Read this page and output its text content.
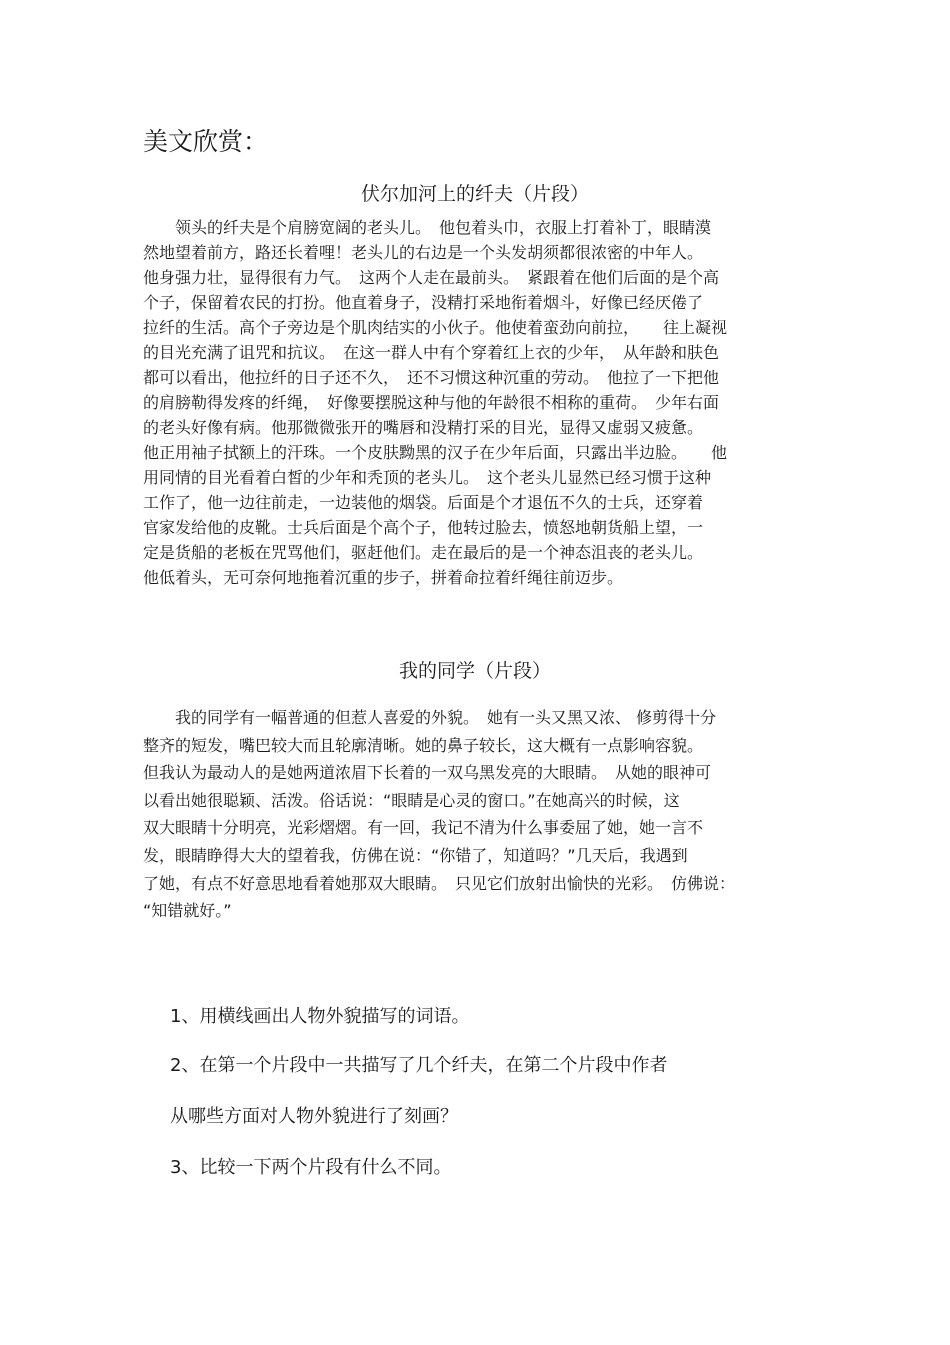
美文欣赏：
伏尔加河上的纤夫（片段）

　　领头的纤夫是个肩膀宽阔的老头儿。　他包着头巾，衣服上打着补丁，眼睛漠

然地望着前方，路还长着哩！老头儿的右边是一个头发胡须都很浓密的中年人。

他身强力壮，显得很有力气。　这两个人走在最前头。　紧跟着在他们后面的是个高

个子，保留着农民的打扮。他直着身子，没精打采地衔着烟斗，好像已经厌倦了

拉纤的生活。高个子旁边是个肌肉结实的小伙子。他使着蛮劲向前拉，　　往上凝视

的目光充满了诅咒和抗议。　在这一群人中有个穿着红上衣的少年，　从年龄和肤色

都可以看出，他拉纤的日子还不久，　还不习惯这种沉重的劳动。　他拉了一下把他

的肩膀勒得发疼的纤绳，　好像要摆脱这种与他的年龄很不相称的重荷。　少年右面

的老头好像有病。他那微微张开的嘴唇和没精打采的目光，显得又虚弱又疲惫。

他正用袖子拭额上的汗珠。一个皮肤黝黑的汉子在少年后面，只露出半边脸。　　他

用同情的目光看着白皙的少年和秃顶的老头儿。　这个老头儿显然已经习惯于这种

工作了，他一边往前走，一边装他的烟袋。后面是个才退伍不久的士兵，还穿着

官家发给他的皮靴。士兵后面是个高个子，他转过脸去，愤怒地朝货船上望，一

定是货船的老板在咒骂他们，驱赶他们。走在最后的是一个神态沮丧的老头儿。

他低着头，无可奈何地拖着沉重的步子，拼着命拉着纤绳往前迈步。

我的同学（片段）

　　我的同学有一幅普通的但惹人喜爱的外貌。　她有一头又黑又浓、 修剪得十分

整齐的短发，嘴巴较大而且轮廓清晰。她的鼻子较长，这大概有一点影响容貌。

但我认为最动人的是她两道浓眉下长着的一双乌黑发亮的大眼睛。　从她的眼神可

以看出她很聪颖、活泼。俗话说：“眼睛是心灵的窗口。”在她高兴的时候，这

双大眼睛十分明亮，光彩熠熠。有一回，我记不清为什么事委屈了她，她一言不

发，眼睛睁得大大的望着我，仿佛在说：“你错了，知道吗？”几天后，我遇到

了她，有点不好意思地看着她那双大眼睛。　只见它们放射出愉快的光彩。　仿佛说：

“知错就好。”

1、用横线画出人物外貌描写的词语。

2、在第一个片段中一共描写了几个纤夫，在第二个片段中作者

从哪些方面对人物外貌进行了刻画？

3、比较一下两个片段有什么不同。
